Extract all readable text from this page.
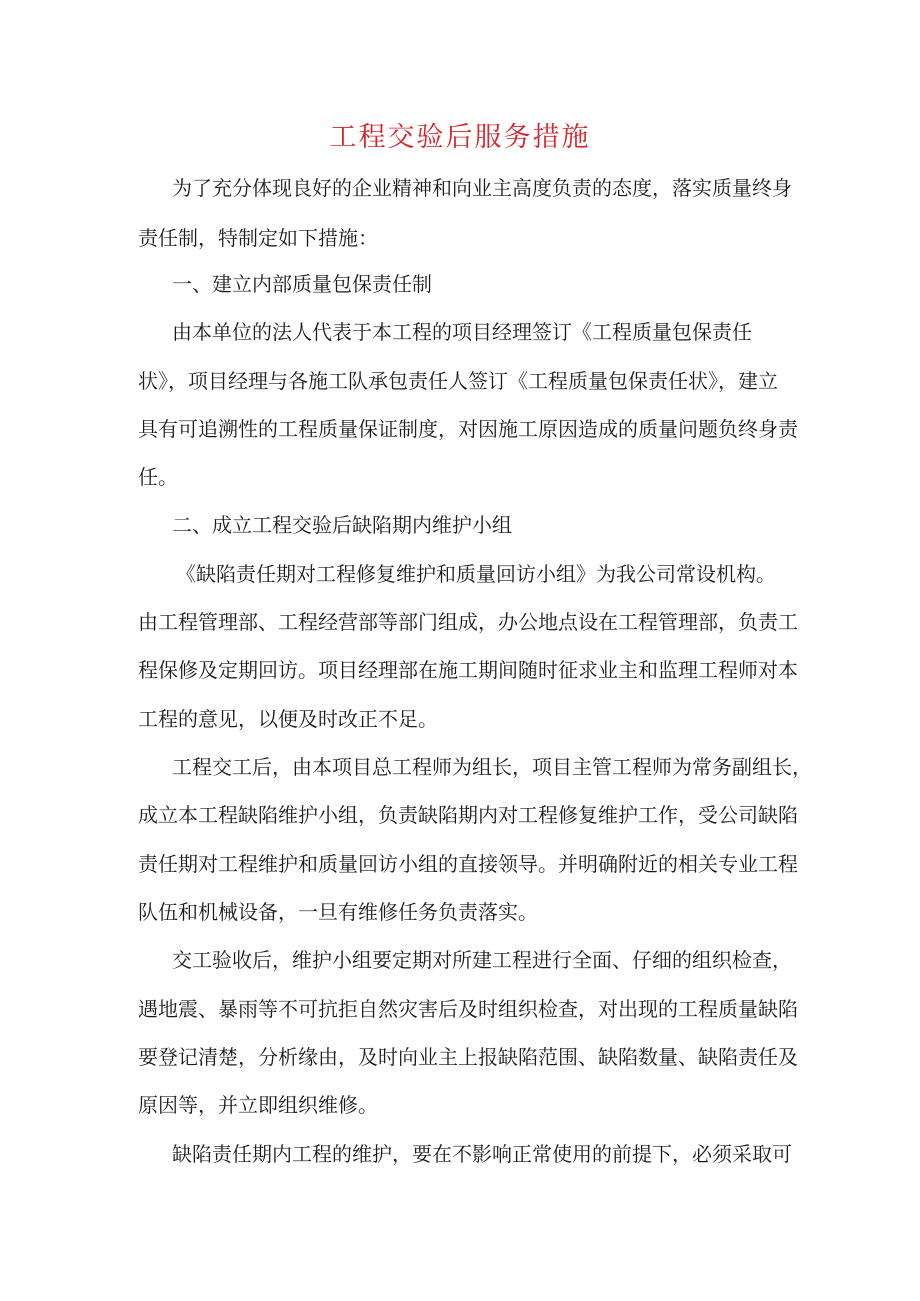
工程交验后服务措施

为了充分体现良好的企业精神和向业主高度负责的态度，落实质量终身

责任制，特制定如下措施：

一、建立内部质量包保责任制

由本单位的法人代表于本工程的项目经理签订《工程质量包保责任

状》，项目经理与各施工队承包责任人签订《工程质量包保责任状》，建立

具有可追溯性的工程质量保证制度，对因施工原因造成的质量问题负终身责

任。

二、成立工程交验后缺陷期内维护小组

《缺陷责任期对工程修复维护和质量回访小组》为我公司常设机构。

由工程管理部、工程经营部等部门组成，办公地点设在工程管理部，负责工

程保修及定期回访。项目经理部在施工期间随时征求业主和监理工程师对本

工程的意见，以便及时改正不足。

工程交工后，由本项目总工程师为组长，项目主管工程师为常务副组长，

成立本工程缺陷维护小组，负责缺陷期内对工程修复维护工作，受公司缺陷

责任期对工程维护和质量回访小组的直接领导。并明确附近的相关专业工程

队伍和机械设备，一旦有维修任务负责落实。

交工验收后，维护小组要定期对所建工程进行全面、仔细的组织检查，

遇地震、暴雨等不可抗拒自然灾害后及时组织检查，对出现的工程质量缺陷

要登记清楚，分析缘由，及时向业主上报缺陷范围、缺陷数量、缺陷责任及

原因等，并立即组织维修。

缺陷责任期内工程的维护，要在不影响正常使用的前提下，必须采取可
